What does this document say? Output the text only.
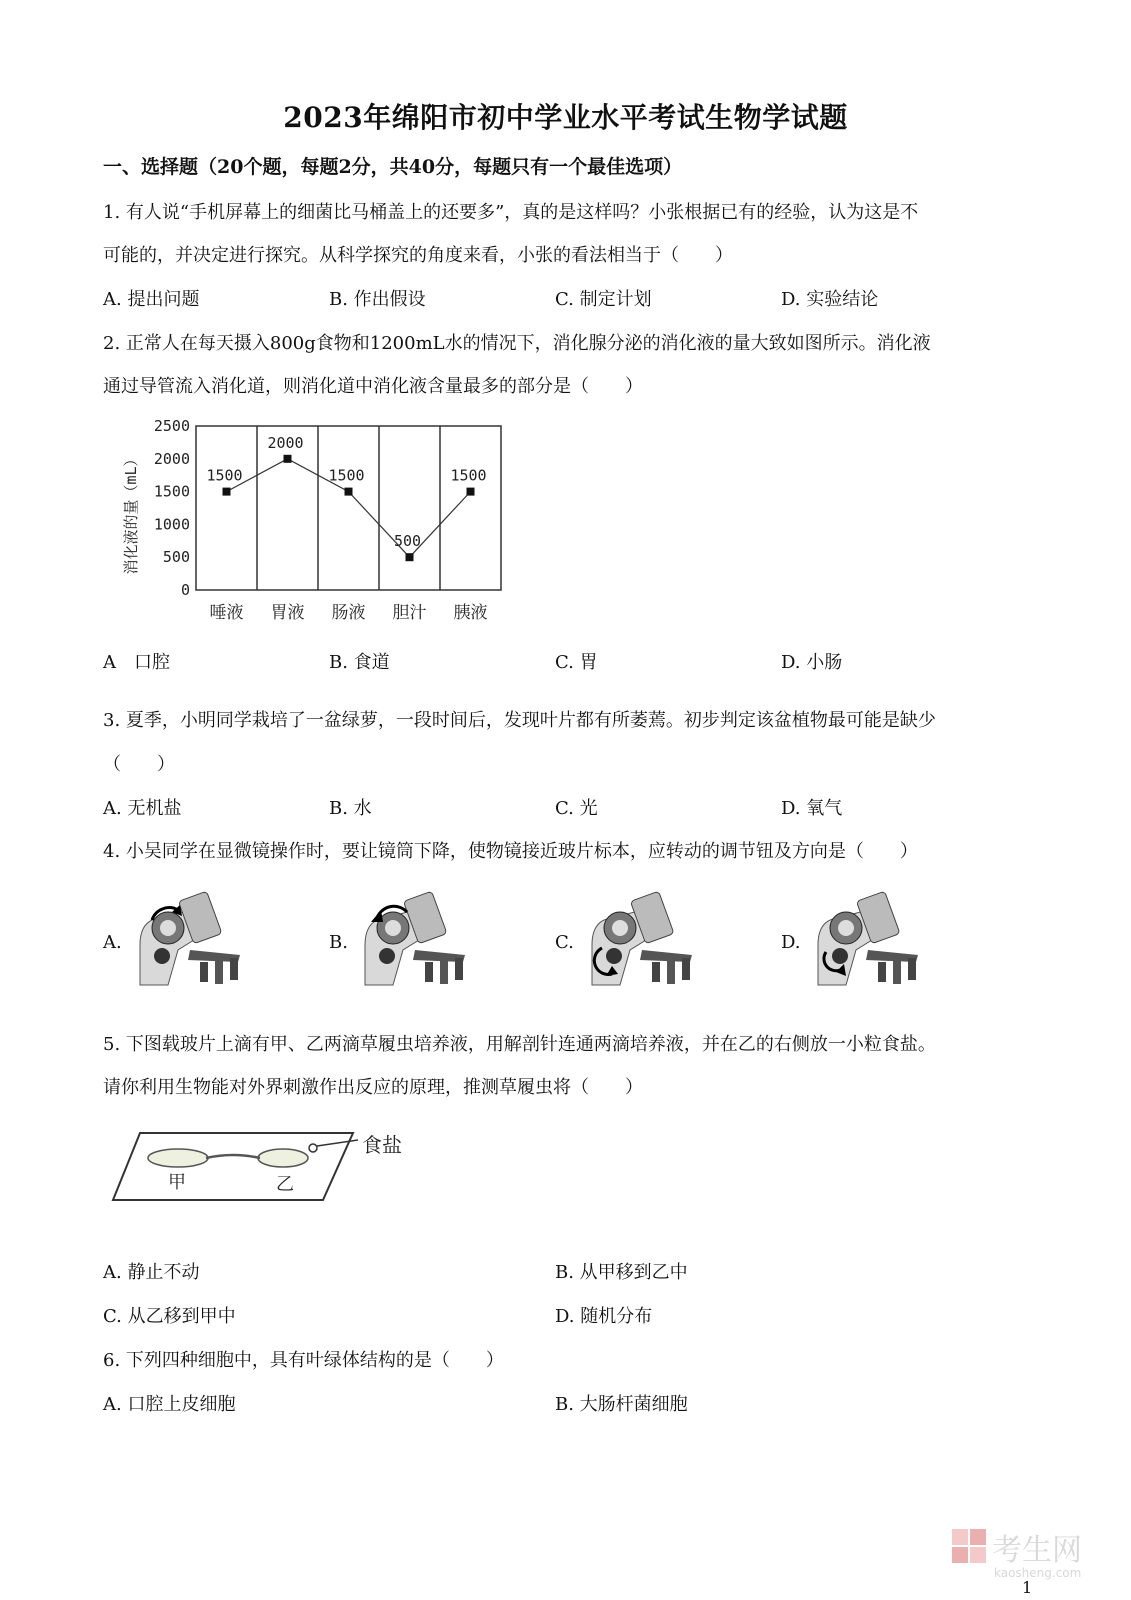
2023年绵阳市初中学业水平考试生物学试题
一、选择题（20个题，每题2分，共40分，每题只有一个最佳选项）
1. 有人说“手机屏幕上的细菌比马桶盖上的还要多”，真的是这样吗？小张根据已有的经验，认为这是不
可能的，并决定进行探究。从科学探究的角度来看，小张的看法相当于（　　）
A. 提出问题	B. 作出假设	C. 制定计划	D. 实验结论
2. 正常人在每天摄入800g食物和1200mL水的情况下，消化腺分泌的消化液的量大致如图所示。消化液
通过导管流入消化道，则消化道中消化液含量最多的部分是（　　）
消化液的量（mL）
2500
2000
1500
1000
500
0
1500
2000
1500
500
1500
唾液 胃液 肠液 胆汁 胰液
A　口腔	B. 食道	C. 胃	D. 小肠
3. 夏季，小明同学栽培了一盆绿萝，一段时间后，发现叶片都有所萎蔫。初步判定该盆植物最可能是缺少
（　　）
A. 无机盐	B. 水	C. 光	D. 氧气
4. 小吴同学在显微镜操作时，要让镜筒下降，使物镜接近玻片标本，应转动的调节钮及方向是（　　）
A.	B.	C.	D.
5. 下图载玻片上滴有甲、乙两滴草履虫培养液，用解剖针连通两滴培养液，并在乙的右侧放一小粒食盐。
请你利用生物能对外界刺激作出反应的原理，推测草履虫将（　　）
食盐
甲	乙
A. 静止不动	B. 从甲移到乙中
C. 从乙移到甲中	D. 随机分布
6. 下列四种细胞中，具有叶绿体结构的是（　　）
A. 口腔上皮细胞	B. 大肠杆菌细胞
考生网
kaosheng.com
1
